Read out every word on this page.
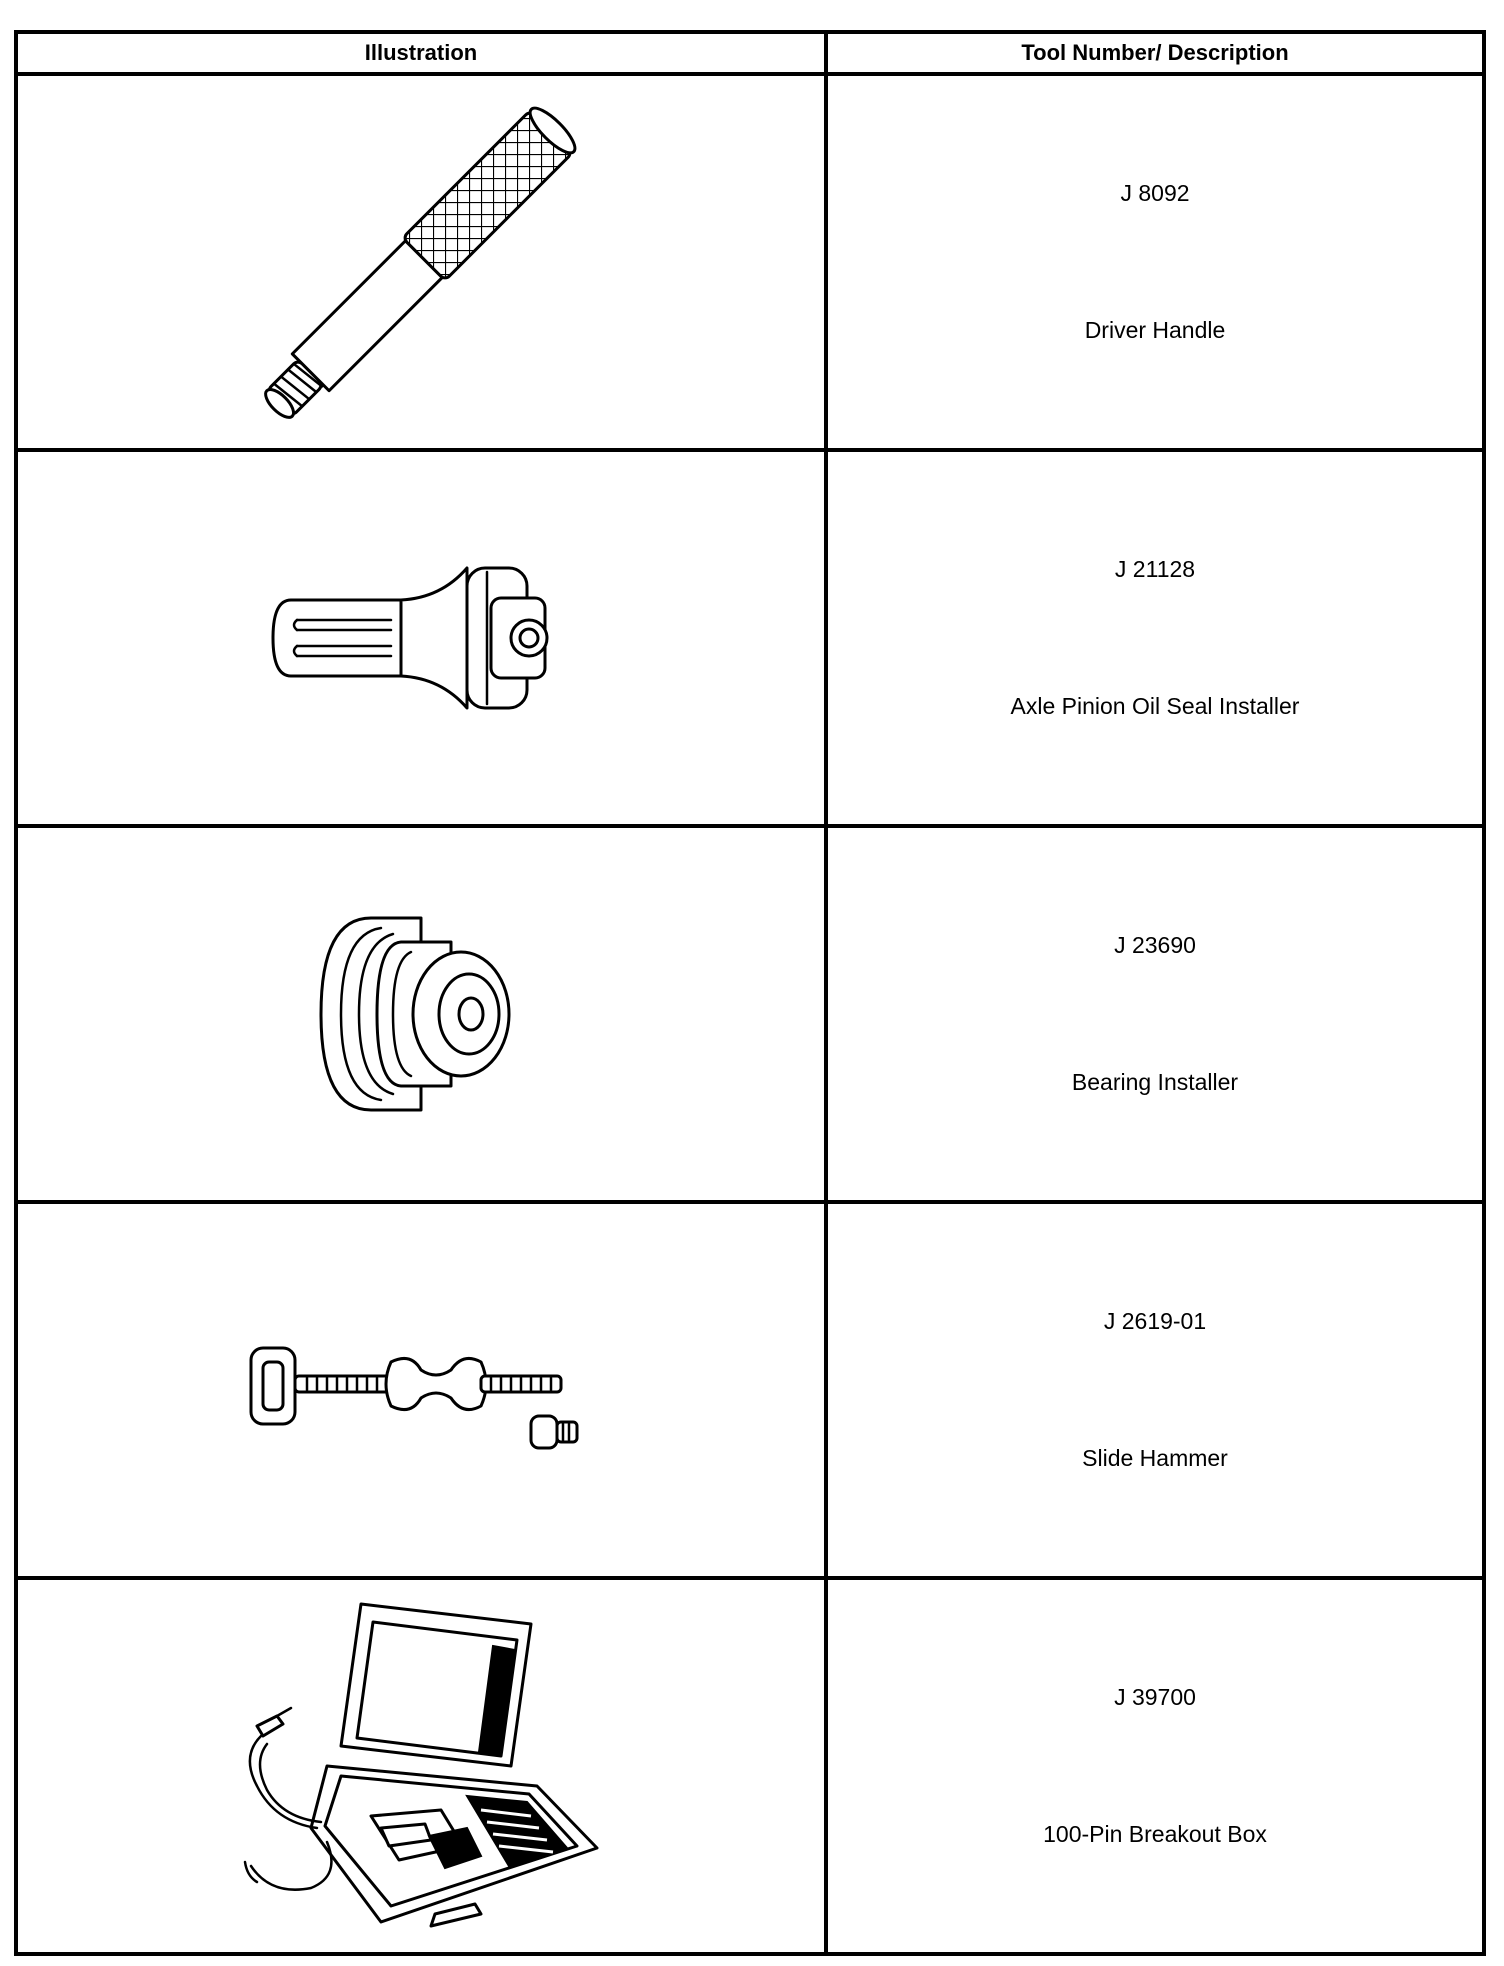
Illustration	Tool Number/ Description

J 8092
Driver Handle

J 21128
Axle Pinion Oil Seal Installer

J 23690
Bearing Installer

J 2619-01
Slide Hammer

J 39700
100-Pin Breakout Box
